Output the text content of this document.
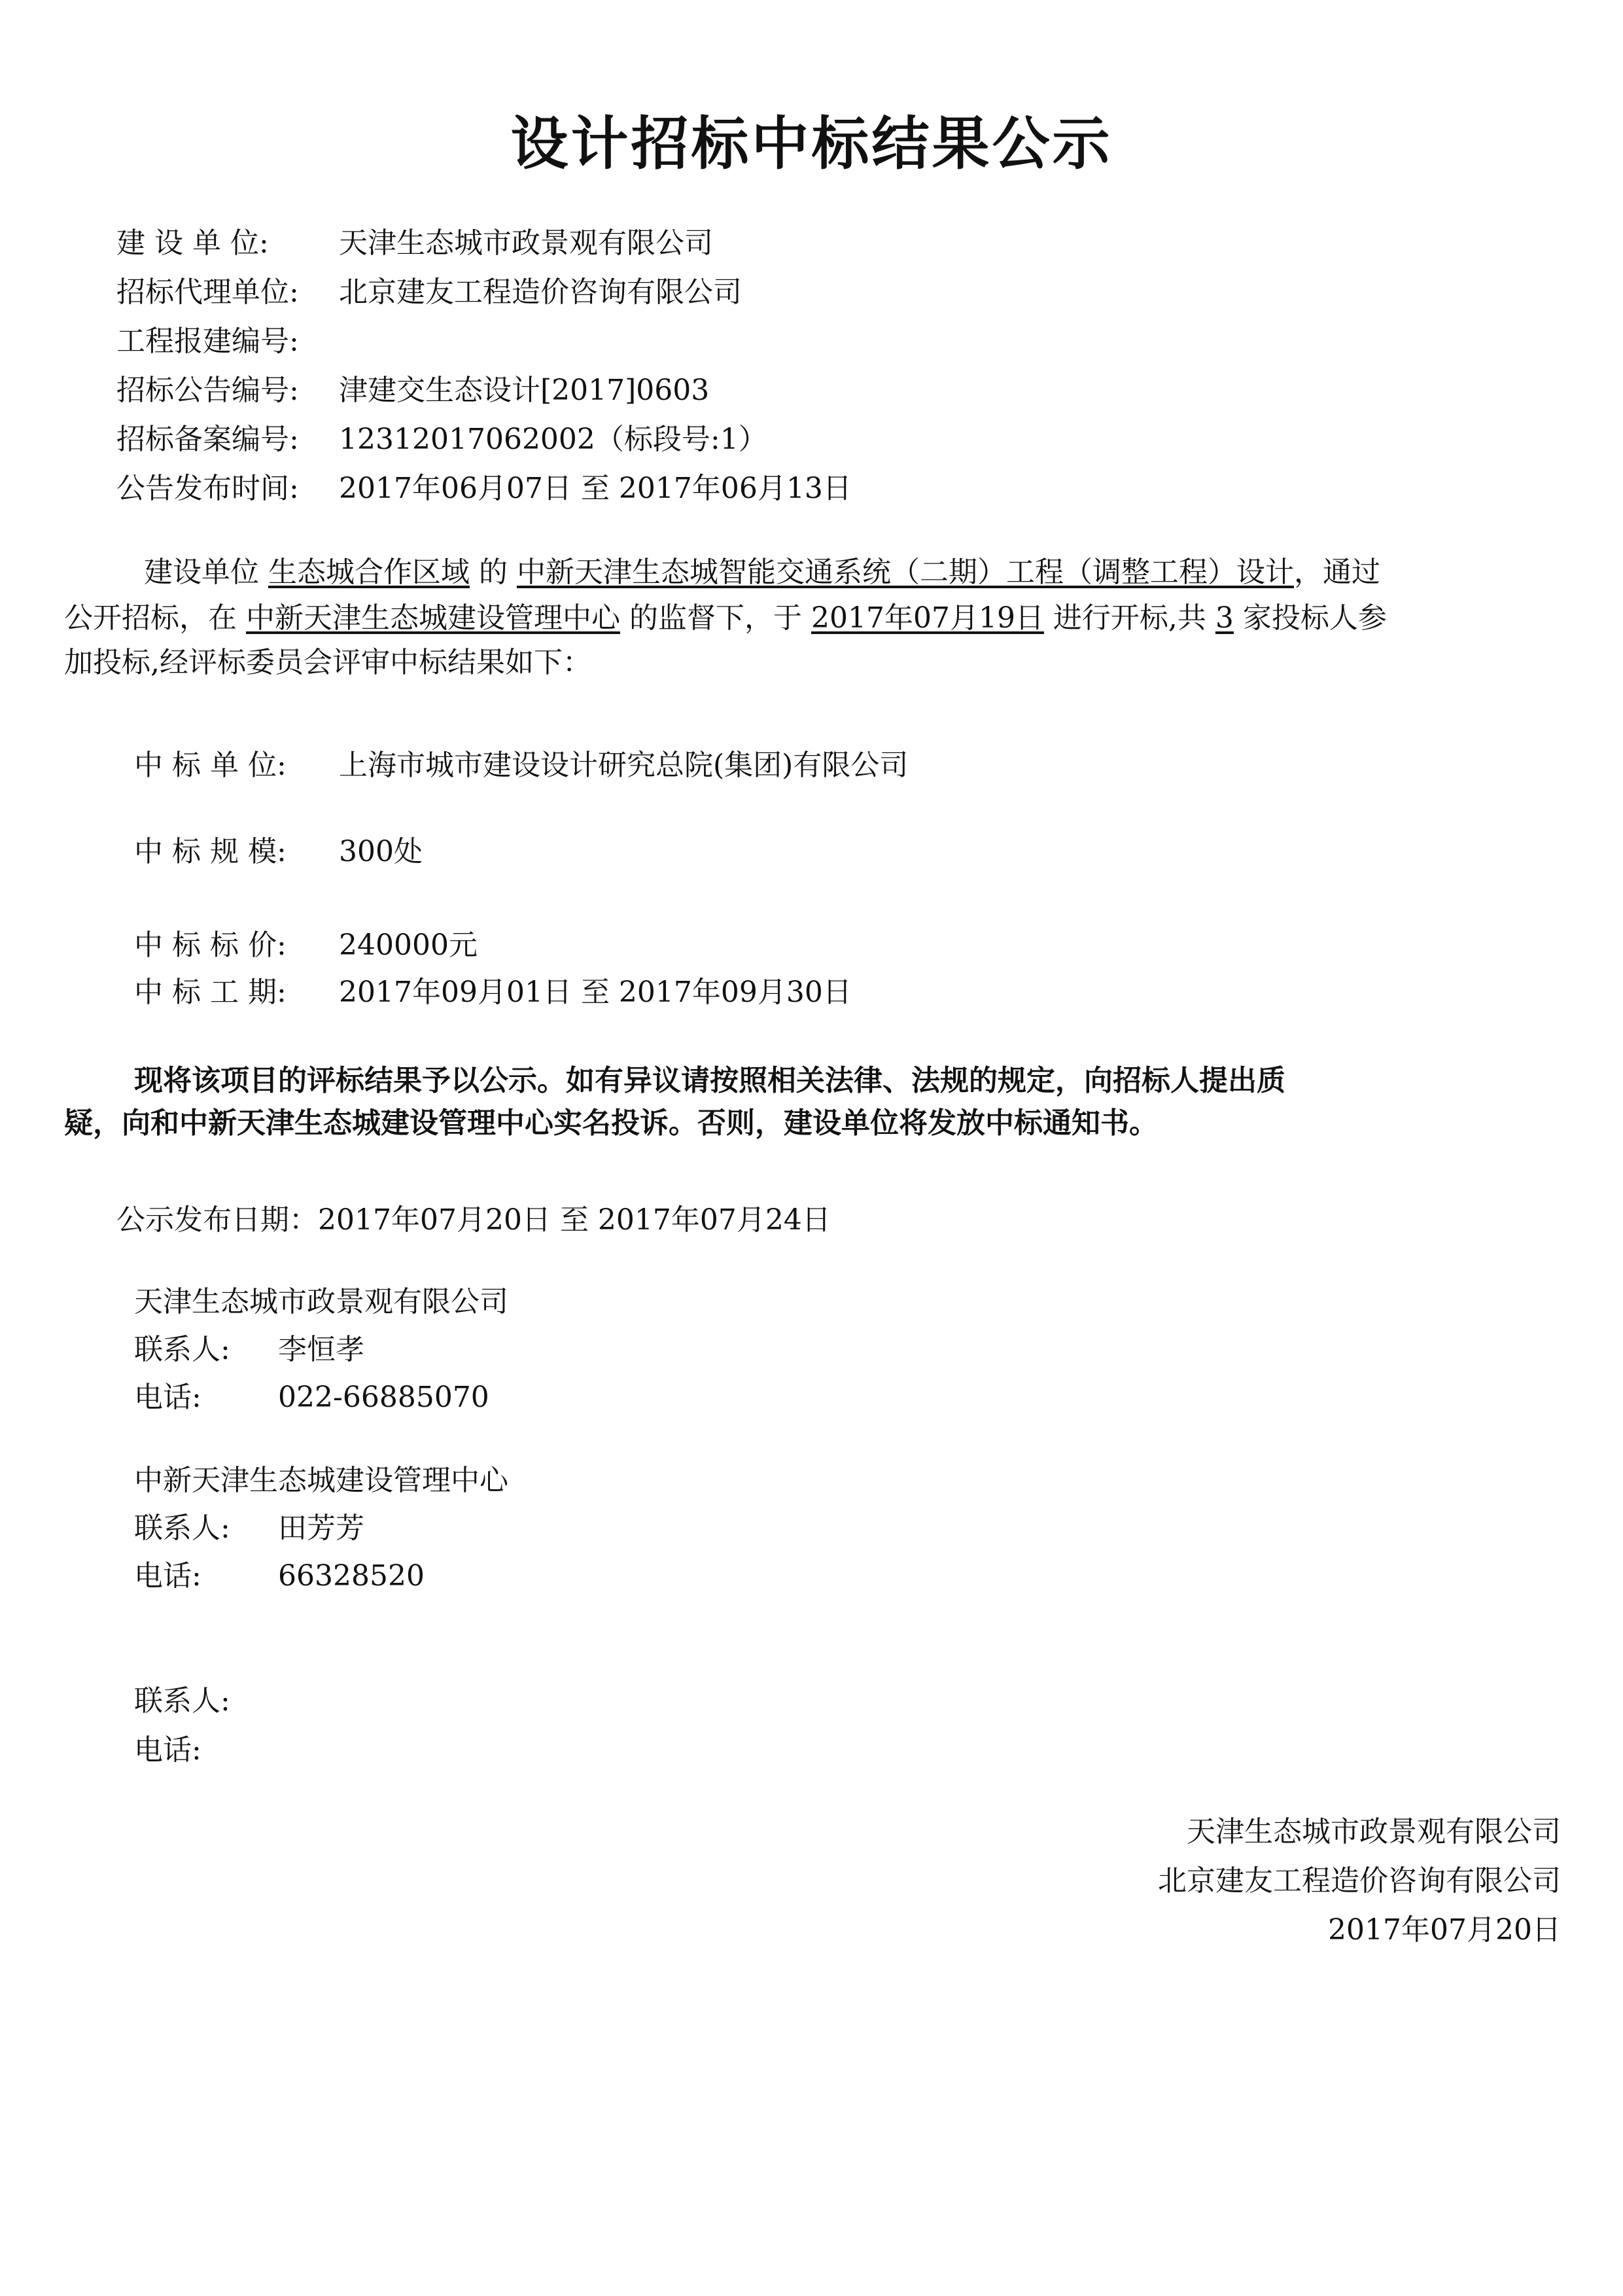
设计招标中标结果公示
建 设 单 位: 天津生态城市政景观有限公司
招标代理单位: 北京建友工程造价咨询有限公司
工程报建编号:
招标公告编号: 津建交生态设计[2017]0603
招标备案编号: 12312017062002（标段号:1）
公告发布时间: 2017年06月07日 至 2017年06月13日
建设单位 生态城合作区域 的 中新天津生态城智能交通系统（二期）工程（调整工程）设计，通过
公开招标，在 中新天津生态城建设管理中心 的监督下，于 2017年07月19日 进行开标,共 3 家投标人参
加投标,经评标委员会评审中标结果如下：
中 标 单 位: 上海市城市建设设计研究总院(集团)有限公司
中 标 规 模: 300处
中 标 标 价: 240000元
中 标 工 期: 2017年09月01日 至 2017年09月30日
现将该项目的评标结果予以公示。如有异议请按照相关法律、法规的规定，向招标人提出质
疑，向和中新天津生态城建设管理中心实名投诉。否则，建设单位将发放中标通知书。
公示发布日期：2017年07月20日 至 2017年07月24日
天津生态城市政景观有限公司
联系人: 李恒孝
电话:	022-66885070
中新天津生态城建设管理中心
联系人: 田芳芳
电话:	66328520
联系人:
电话:
天津生态城市政景观有限公司
北京建友工程造价咨询有限公司
2017年07月20日
